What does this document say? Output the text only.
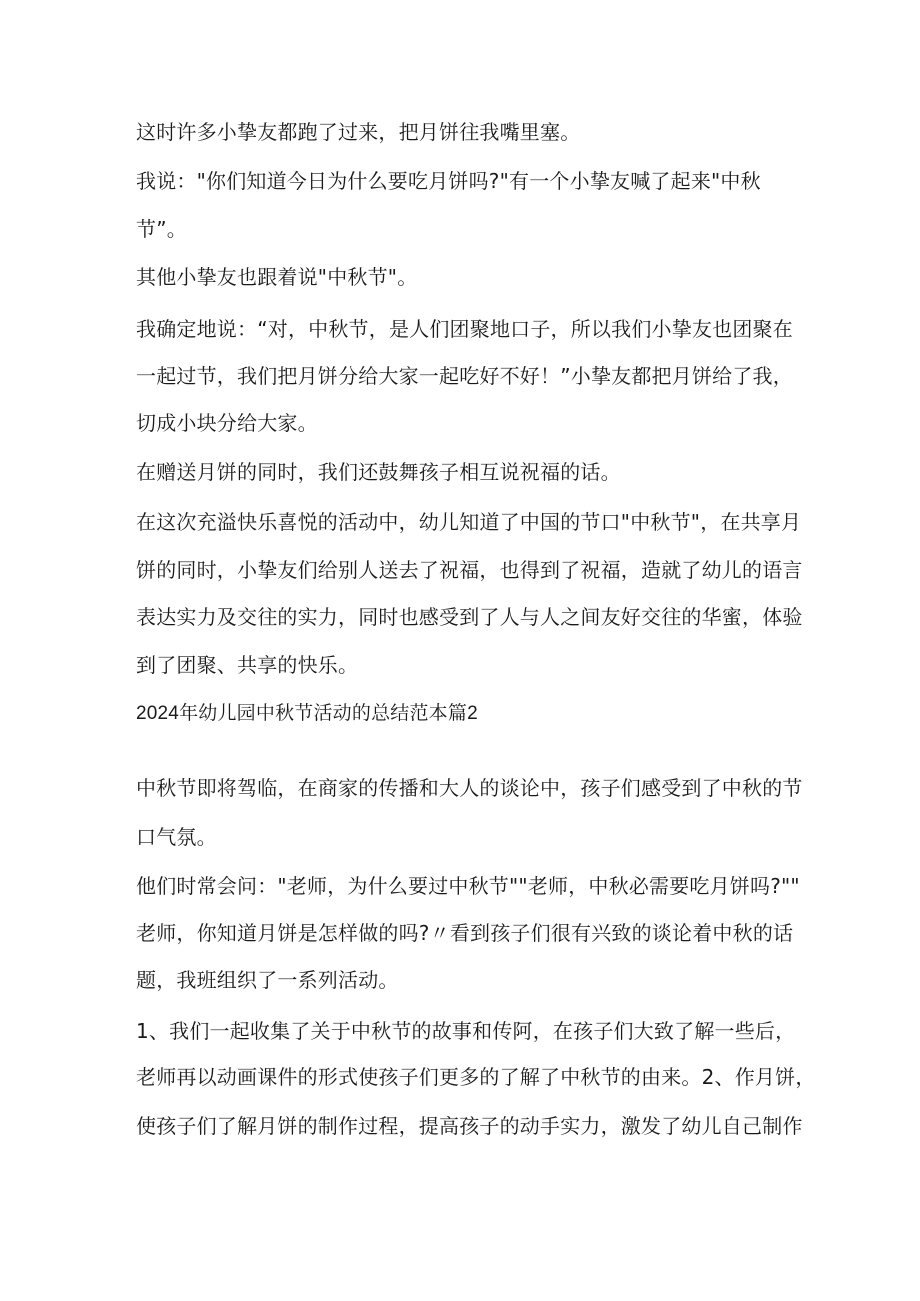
这时许多小挚友都跑了过来，把月饼往我嘴里塞。
我说："你们知道今日为什么要吃月饼吗?"有一个小挚友喊了起来"中秋
节”。
其他小挚友也跟着说"中秋节"。
我确定地说：“对，中秋节，是人们团聚地口子，所以我们小挚友也团聚在
一起过节，我们把月饼分给大家一起吃好不好！”小挚友都把月饼给了我，
切成小块分给大家。
在赠送月饼的同时，我们还鼓舞孩子相互说祝福的话。
在这次充溢快乐喜悦的活动中，幼儿知道了中国的节口"中秋节"，在共享月
饼的同时，小挚友们给别人送去了祝福，也得到了祝福，造就了幼儿的语言
表达实力及交往的实力，同时也感受到了人与人之间友好交往的华蜜，体验
到了团聚、共享的快乐。
2024年幼儿园中秋节活动的总结范本篇2
中秋节即将驾临，在商家的传播和大人的谈论中，孩子们感受到了中秋的节
口气氛。
他们时常会问："老师，为什么要过中秋节""老师，中秋必需要吃月饼吗?""
老师，你知道月饼是怎样做的吗?〃看到孩子们很有兴致的谈论着中秋的话
题，我班组织了一系列活动。
1、我们一起收集了关于中秋节的故事和传阿，在孩子们大致了解一些后，
老师再以动画课件的形式使孩子们更多的了解了中秋节的由来。2、作月饼，
使孩子们了解月饼的制作过程，提高孩子的动手实力，激发了幼儿自己制作
